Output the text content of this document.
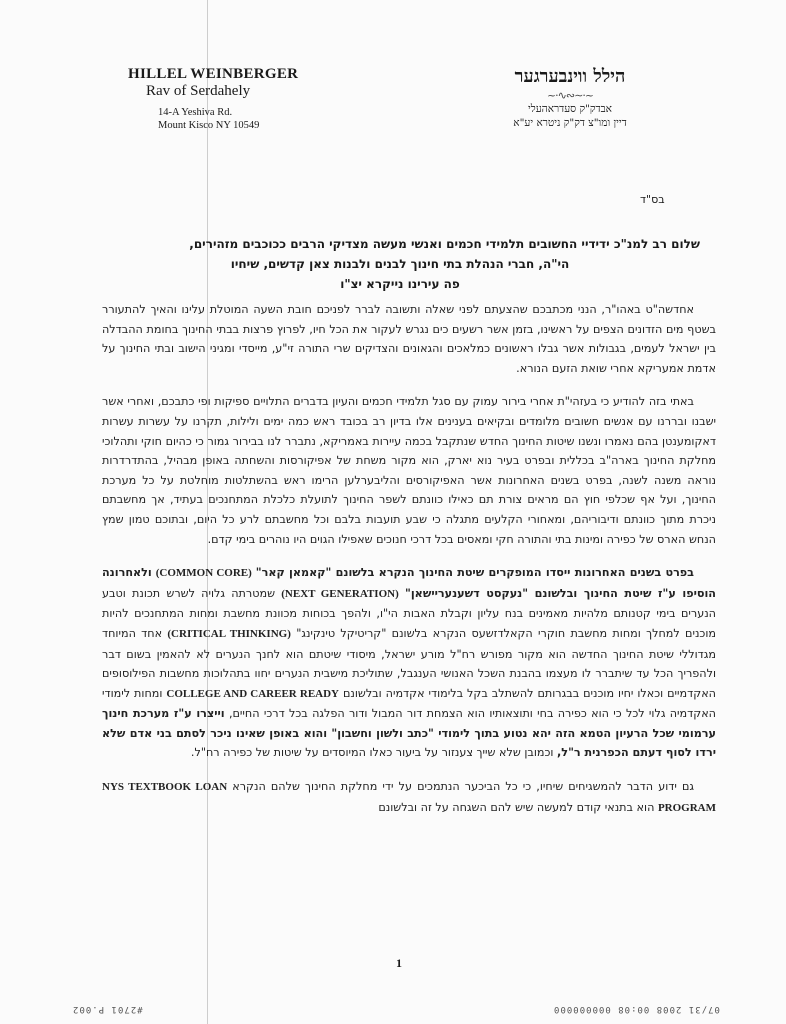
HILLEL WEINBERGER
Rav of Serdahely
14-A Yeshiva Rd.
Mount Kisco NY 10549
הילל ווינבערגער
~·∽∾∿·~
אבדק"ק סעדראהעלי
דיין ומו"צ דק"ק ניטרא יע"א
בס"ד
שלום רב למנ"כ ידידיי החשובים תלמידי חכמים ואנשי מעשה מצדיקי הרבים ככוכבים מזהירים,
הי"ה, חברי הנהלת בתי חינוך לבנים ולבנות צאן קדשים, שיחיו
פה עירינו נייקרא יצ"ו

אחדשה"ט באהו"ר, הנני מכתבכם שהצעתם לפני שאלה ותשובה לברר לפניכם חובת השעה המוטלת עלינו והאיך להתעורר בשטף מים הזדונים הצפים על ראשינו, בזמן אשר רשעים כים נגרש לעקור את הכל חיו, לפרוץ פרצות בבתי החינוך בחומת ההבדלה בין ישראל לעמים, בגבולות אשר גבלו ראשונים כמלאכים והגאונים והצדיקים שרי התורה זי"ע, מייסדי ומגיני הישוב ובתי החינוך על אדמת אמעריקא אחרי שואת הזעם הנורא.

באתי בזה להודיע כי בעזהי"ת אחרי בירור עמוק עם סגל תלמידי חכמים והעיון בדברים התלויים ספיקות ופי כתבכם, ואחרי אשר ישבנו ובררנו עם אנשים חשובים מלומדים ובקיאים בענינים אלו בדיון רב בכובד ראש כמה ימים ולילות, תקרנו על עשרות עשרות דאקומענטן בהם נאמרו ונשנו שיטות החינוך החדש שנתקבל בכמה עיירות באמריקא, נתברר לנו בבירור גמור כי כהיום חוקי ותהלוכי מחלקת החינוך בארה"ב בכללית ובפרט בעיר נוא יארק, הוא מקור משחת של אפיקורסות והשחתה באופן מבהיל, בהתדרדרות נוראה משנה לשנה, בפרט בשנים האחרונות אשר האפיקורסים והליבערלען הרימו ראש בהשתלטות מוחלטת על כל מערכת החינוך, ועל אף שכלפי חוץ הם מראים צורת תם כאילו כוונתם לשפר החינוך לתועלת כלכלת המתחנכים בעתיד, אך מחשבתם ניכרת מתוך כוונתם ודיבוריהם, ומאחורי הקלעים מתגלה כי שבע תועבות בלבם וכל מחשבתם לרע כל היום, ובתוכם טמון שמץ הנחש הארס של כפירה ומינות בתי והתורה חקי ומאסים בכל דרכי חנוכים שאפילו הגוים היו נוהרים בימי קדם.

בפרט בשנים האחרונות ייסדו המופקרים שיטת החינוך הנקרא בלשונם "קאמאן קאר" (COMMON CORE) ולאחרונה הוסיפו ע"ז שיטת החינוך ובלשונם "נעקסט דשענעריישאן" (NEXT GENERATION) שמטרתה גלויה לשרש תכונת וטבע הנערים בימי קטנותם מלהיות מאמינים בנח עליון וקבלת האבות הי"ו, ולהפך בכוחות מכוונת מחשבת ומחות המתחנכים להיות מוכנים למחלך ומחות מחשבת חוקרי הקאלדזשעס הנקרא בלשונם "קריטיקל טינקינג" (CRITICAL THINKING) אחד המיוחד מגדוללי שיטת החינוך החדשה הוא מקור מפורש רח"ל מורע ישראל, מיסודי שיטתם הוא לחנך הנערים לא להאמין בשום דבר ולהפריך הכל עד שיתברר לו מעצמו בהבנת השכל האנושי הענגבל, שתוליכת מישבית הנערים יחוו בתהלוכות מחשבות הפילוסופים האקדמיים וכאלו יחיו מוכנים בבגרותם להשתלב בקל בלימודי אקדמיה ובלשונם COLLEGE AND CAREER READY ומחות לימודי האקדמיה גלוי לכל כי הוא כפירה בחי ותוצאותיו הוא הצמחת דור המבול ודור הפלגה בכל דרכי החיים, וייצרו ע"ז מערכת חינוך ערמומי שכל הרעיון הטמא הזה יהא נטוע בתוך לימודי "כתב ולשון וחשבון" והוא באופן שאינו ניכר לסתם בני אדם שלא ירדו לסוף דעתם הכפרנית ר"ל, וכמובן שלא שייך צענזור על ביעור כאלו המיוסדים על שיטות של כפירה רח"ל.

גם ידוע הדבר להמשגיחים שיחיו, כי כל הביכער הנתמכים על ידי מחלקת החינוך שלהם הנקרא NYS TEXTBOOK LOAN PROGRAM הוא בתנאי קודם למעשה שיש להם השגחה על זה ובלשונם

1
#2701 P.002	07/31 2008 00:08 000000000
